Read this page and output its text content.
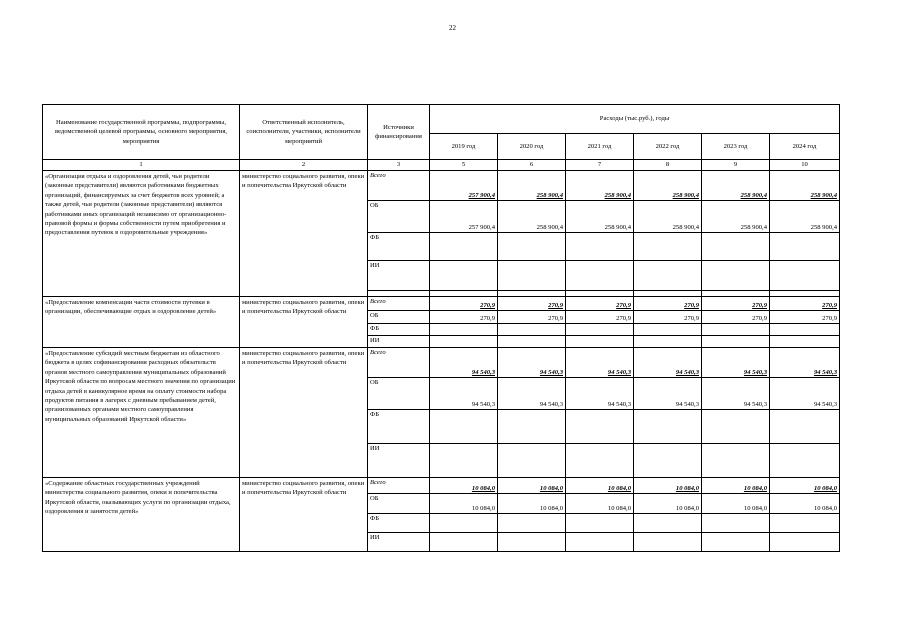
22
Наименование государственной программы, подпрограммы, ведомственной целевой программы, основного мероприятия, мероприятия	Ответственный исполнитель, соисполнители, участники, исполнители мероприятий	Источники финансирования	Расходы (тыс.руб.), годы					
			2019 год	2020 год	2021 год	2022 год	2023 год	2024 год
1	2	3	5	6	7	8	9	10
«Организация отдыха и оздоровления детей, чьи родители (законные представители) являются работниками бюджетных организаций, финансируемых за счет бюджетов всех уровней; а также детей, чьи родители (законные представители) являются работниками иных организаций независимо от организационно-правовой формы и формы собственности путем приобретения и предоставления путевок в оздоровительные учреждения»	министерство социального развития, опеки и попечительства Иркутской области	Всего	257 900,4	258 900,4	258 900,4	258 900,4	258 900,4	258 900,4
		ОБ	257 900,4	258 900,4	258 900,4	258 900,4	258 900,4	258 900,4
		ФБ						
		ИИ						

«Предоставление компенсации части стоимости путевки в организации, обеспечивающие отдых и оздоровление детей»	министерство социального развития, опеки и попечительства Иркутской области	Всего	270,9	270,9	270,9	270,9	270,9	270,9
		ОБ	270,9	270,9	270,9	270,9	270,9	270,9
		ФБ						
		ИИ						
«Предоставление субсидий местным бюджетам из областного бюджета в целях софинансирования расходных обязательств органов местного самоуправления муниципальных образований Иркутской области по вопросам местного значения по организации отдыха детей в каникулярное время на оплату стоимости набора продуктов питания в лагерях с дневным пребыванием детей, организованных органами местного самоуправления муниципальных образований Иркутской области»	министерство социального развития, опеки и попечительства Иркутской области	Всего	94 540,3	94 540,3	94 540,3	94 540,3	94 540,3	94 540,3
		ОБ	94 540,3	94 540,3	94 540,3	94 540,3	94 540,3	94 540,3
		ФБ						
		ИИ						
«Содержание областных государственных учреждений министерства социального развития, опеки и попечительства Иркутской области, оказывающих услуги по организации отдыха, оздоровления и занятости детей»	министерство социального развития, опеки и попечительства Иркутской области	Всего	10 084,0	10 084,0	10 084,0	10 084,0	10 084,0	10 084,0
		ОБ	10 084,0	10 084,0	10 084,0	10 084,0	10 084,0	10 084,0
		ФБ						
		ИИ						
